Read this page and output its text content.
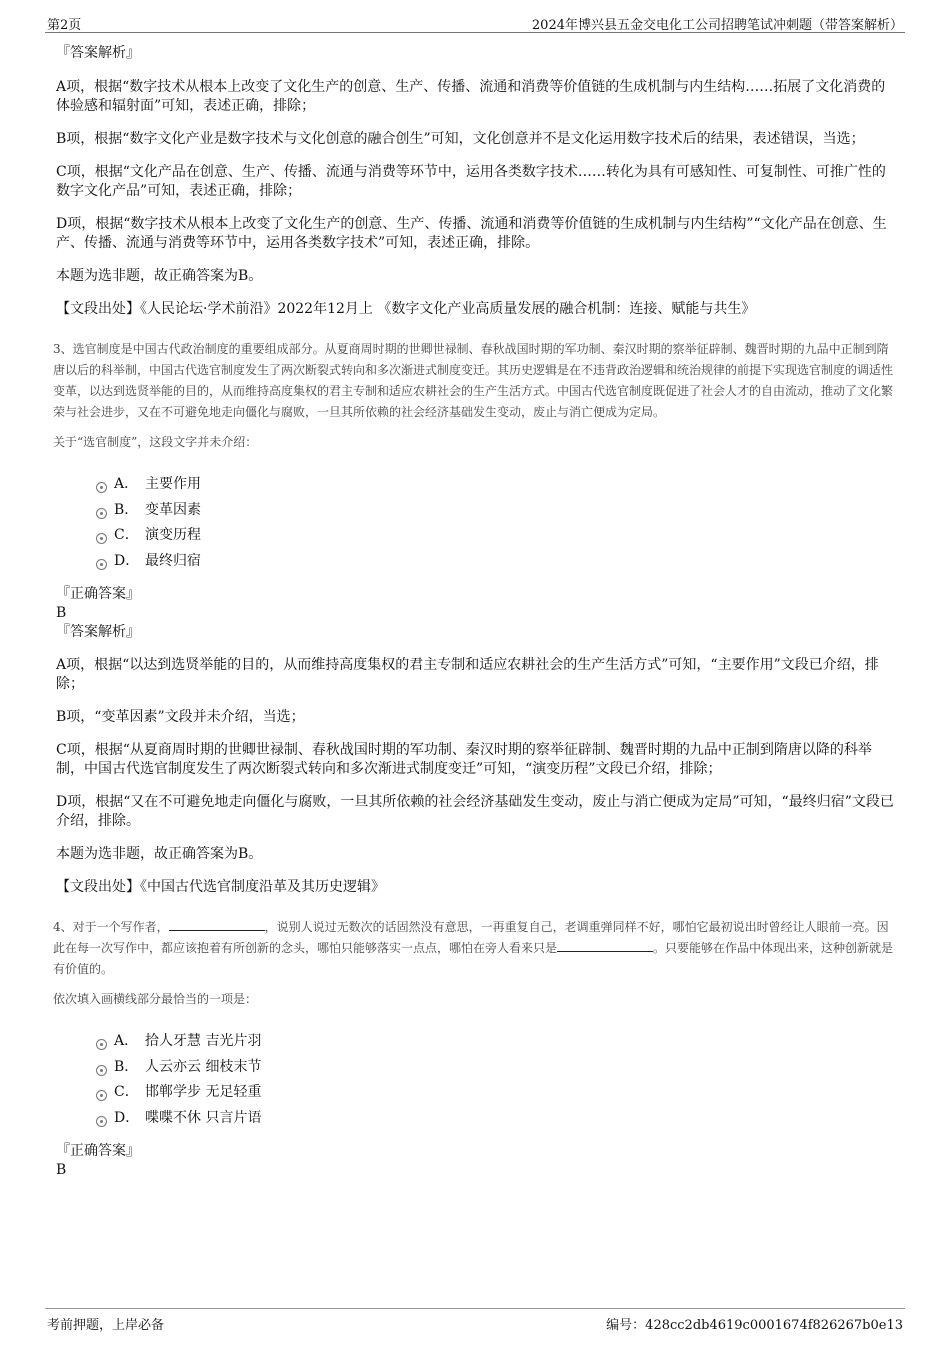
第2页	2024年博兴县五金交电化工公司招聘笔试冲刺题（带答案解析）
『答案解析』
A项，根据“数字技术从根本上改变了文化生产的创意、生产、传播、流通和消费等价值链的生成机制与内生结构……拓展了文化消费的体验感和辐射面”可知，表述正确，排除；
B项，根据“数字文化产业是数字技术与文化创意的融合创生”可知，文化创意并不是文化运用数字技术后的结果，表述错误，当选；
C项，根据“文化产品在创意、生产、传播、流通与消费等环节中，运用各类数字技术……转化为具有可感知性、可复制性、可推广性的数字文化产品”可知，表述正确，排除；
D项，根据“数字技术从根本上改变了文化生产的创意、生产、传播、流通和消费等价值链的生成机制与内生结构”“文化产品在创意、生产、传播、流通与消费等环节中，运用各类数字技术”可知，表述正确，排除。
本题为选非题，故正确答案为B。
【文段出处】《人民论坛·学术前沿》2022年12月上 《数字文化产业高质量发展的融合机制：连接、赋能与共生》
3、选官制度是中国古代政治制度的重要组成部分。从夏商周时期的世卿世禄制、春秋战国时期的军功制、秦汉时期的察举征辟制、魏晋时期的九品中正制到隋唐以后的科举制，中国古代选官制度发生了两次断裂式转向和多次渐进式制度变迁。其历史逻辑是在不违背政治逻辑和统治规律的前提下实现选官制度的调适性变革，以达到选贤举能的目的，从而维持高度集权的君主专制和适应农耕社会的生产生活方式。中国古代选官制度既促进了社会人才的自由流动，推动了文化繁荣与社会进步，又在不可避免地走向僵化与腐败，一旦其所依赖的社会经济基础发生变动，废止与消亡便成为定局。
关于“选官制度”，这段文字并未介绍：
A． 主要作用
B． 变革因素
C． 演变历程
D． 最终归宿
『正确答案』
B
『答案解析』
A项，根据“以达到选贤举能的目的，从而维持高度集权的君主专制和适应农耕社会的生产生活方式”可知，“主要作用”文段已介绍，排除；
B项，“变革因素”文段并未介绍，当选；
C项，根据“从夏商周时期的世卿世禄制、春秋战国时期的军功制、秦汉时期的察举征辟制、魏晋时期的九品中正制到隋唐以降的科举制，中国古代选官制度发生了两次断裂式转向和多次渐进式制度变迁”可知，“演变历程”文段已介绍，排除；
D项，根据“又在不可避免地走向僵化与腐败，一旦其所依赖的社会经济基础发生变动，废止与消亡便成为定局”可知，“最终归宿”文段已介绍，排除。
本题为选非题，故正确答案为B。
【文段出处】《中国古代选官制度沿革及其历史逻辑》
4、对于一个写作者，	，说别人说过无数次的话固然没有意思，一再重复自己，老调重弹同样不好，哪怕它最初说出时曾经让人眼前一亮。因此在每一次写作中，都应该抱着有所创新的念头，哪怕只能够落实一点点，哪怕在旁人看来只是	。只要能够在作品中体现出来，这种创新就是有价值的。
依次填入画横线部分最恰当的一项是：
A． 拾人牙慧 吉光片羽
B． 人云亦云 细枝末节
C． 邯郸学步 无足轻重
D． 喋喋不休 只言片语
『正确答案』
B
考前押题，上岸必备	编号：428cc2db4619c0001674f826267b0e13
